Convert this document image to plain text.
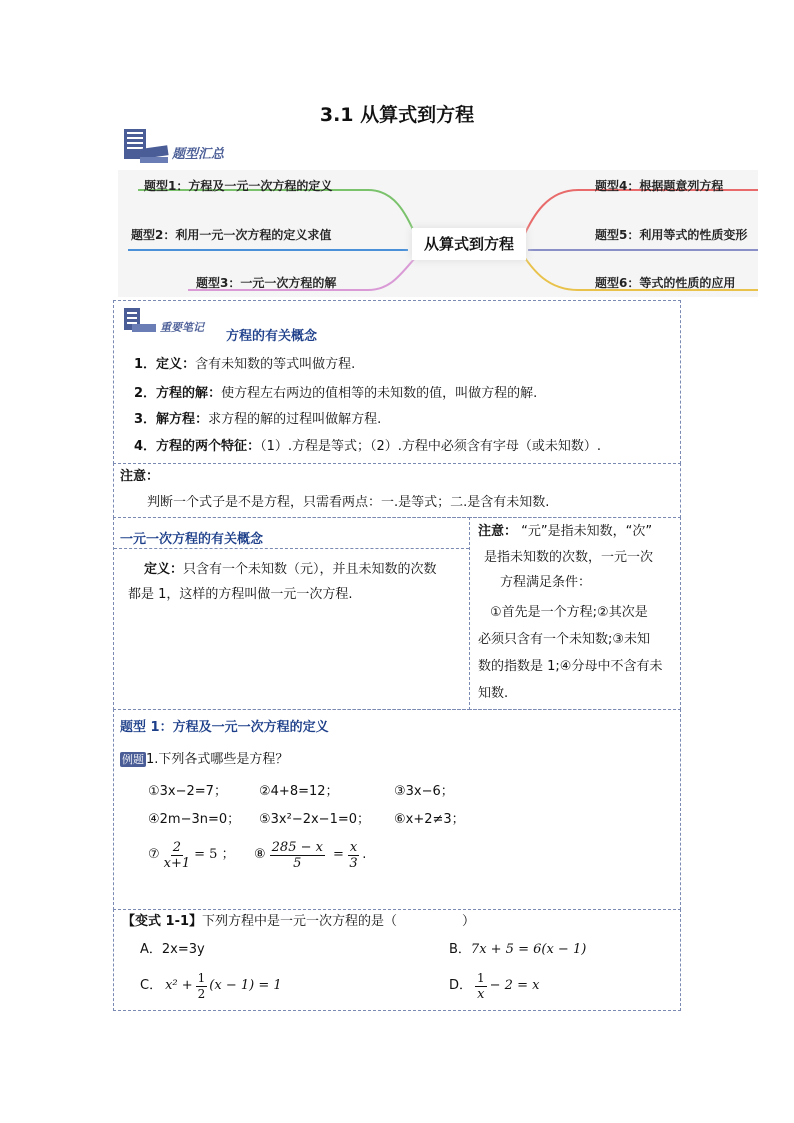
3.1 从算式到方程
题型汇总
题型1：方程及一元一次方程的定义
题型2：利用一元一次方程的定义求值
题型3：一元一次方程的解
题型4：根据题意列方程
题型5：利用等式的性质变形
题型6：等式的性质的应用
从算式到方程
重要笔记
方程的有关概念
1．定义：含有未知数的等式叫做方程.
2．方程的解：使方程左右两边的值相等的未知数的值，叫做方程的解.
3．解方程：求方程的解的过程叫做解方程.
4．方程的两个特征：（1）.方程是等式；（2）.方程中必须含有字母（或未知数）.
注意：
判断一个式子是不是方程，只需看两点：一.是等式；二.是含有未知数.
一元一次方程的有关概念
定义：只含有一个未知数（元），并且未知数的次数
都是 1，这样的方程叫做一元一次方程.
注意： “元”是指未知数，“次”
是指未知数的次数，一元一次
方程满足条件：
①首先是一个方程;②其次是
必须只含有一个未知数;③未知
数的指数是 1;④分母中不含有未
知数.
题型 1：方程及一元一次方程的定义
例题 1.下列各式哪些是方程？
①3x−2=7； ②4+8=12；	③3x−6；
④2m−3n=0； ⑤3x²−2x−1=0； ⑥x+2≠3；
⑦ $\frac{2}{x+1} = 5$ ； ⑧ $\frac{285 - x}{5} = \frac{x}{3}$ .
【变式 1-1】下列方程中是一元一次方程的是（　　　　　）
A．2x=3y	B．7x + 5 = 6(x − 1)
C． $x^2 + \frac{1}{2} (x - 1) = 1$	D． $\frac{1}{x} - 2 = x$
